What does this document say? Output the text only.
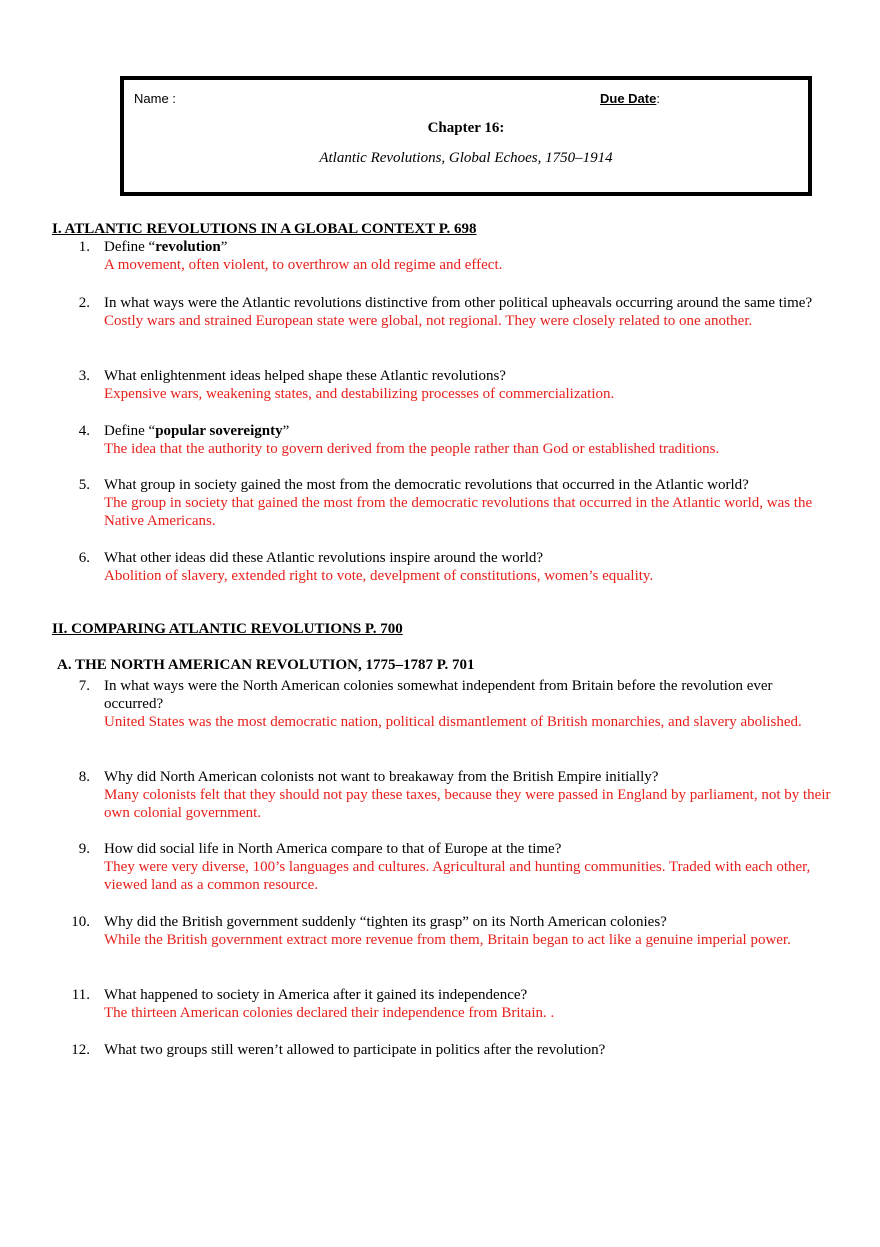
Name :	Due Date:
Chapter 16:
Atlantic Revolutions, Global Echoes, 1750–1914
I. ATLANTIC REVOLUTIONS IN A GLOBAL CONTEXT P. 698
1. Define “revolution”
A movement, often violent, to overthrow an old regime and effect.
2. In what ways were the Atlantic revolutions distinctive from other political upheavals occurring around the same time?
Costly wars and strained European state were global, not regional. They were closely related to one another.
3. What enlightenment ideas helped shape these Atlantic revolutions?
Expensive wars, weakening states, and destabilizing processes of commercialization.
4. Define “popular sovereignty”
The idea that the authority to govern derived from the people rather than God or established traditions.
5. What group in society gained the most from the democratic revolutions that occurred in the Atlantic world?
The group in society that gained the most from the democratic revolutions that occurred in the Atlantic world, was the Native Americans.
6. What other ideas did these Atlantic revolutions inspire around the world?
Abolition of slavery, extended right to vote, develpment of constitutions, women’s equality.
II. COMPARING ATLANTIC REVOLUTIONS P. 700
A. THE NORTH AMERICAN REVOLUTION, 1775–1787 P. 701
7. In what ways were the North American colonies somewhat independent from Britain before the revolution ever occurred?
United States was the most democratic nation, political dismantlement of British monarchies, and slavery abolished.
8. Why did North American colonists not want to breakaway from the British Empire initially?
Many colonists felt that they should not pay these taxes, because they were passed in England by parliament, not by their own colonial government.
9. How did social life in North America compare to that of Europe at the time?
They were very diverse, 100’s languages and cultures. Agricultural and hunting communities. Traded with each other, viewed land as a common resource.
10. Why did the British government suddenly “tighten its grasp” on its North American colonies?
While the British government extract more revenue from them, Britain began to act like a genuine imperial power.
11. What happened to society in America after it gained its independence?
The thirteen American colonies declared their independence from Britain. .
12. What two groups still weren’t allowed to participate in politics after the revolution?
